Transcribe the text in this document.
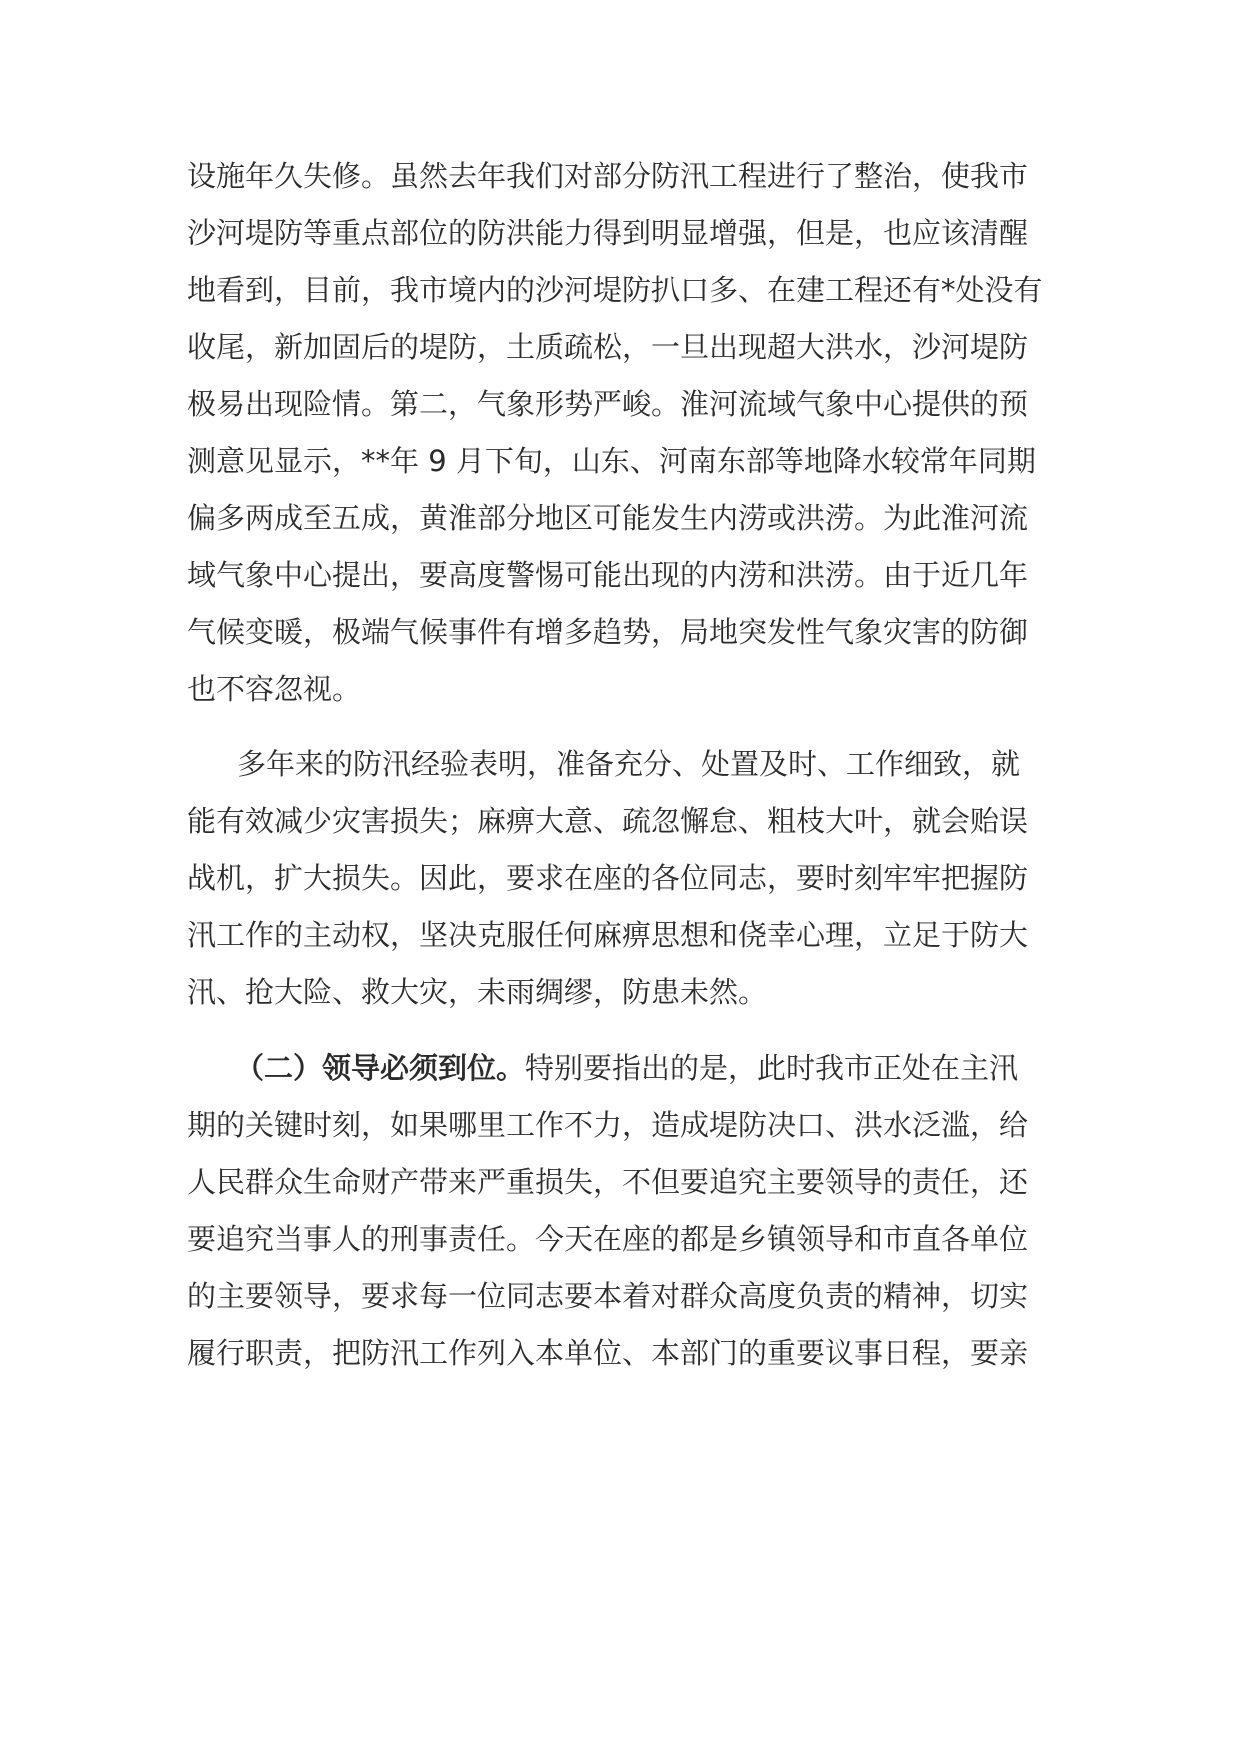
设施年久失修。虽然去年我们对部分防汛工程进行了整治，使我市
沙河堤防等重点部位的防洪能力得到明显增强，但是，也应该清醒
地看到，目前，我市境内的沙河堤防扒口多、在建工程还有*处没有
收尾，新加固后的堤防，土质疏松，一旦出现超大洪水，沙河堤防
极易出现险情。第二，气象形势严峻。淮河流域气象中心提供的预
测意见显示，**年 9 月下旬，山东、河南东部等地降水较常年同期
偏多两成至五成，黄淮部分地区可能发生内涝或洪涝。为此淮河流
域气象中心提出，要高度警惕可能出现的内涝和洪涝。由于近几年
气候变暖，极端气候事件有增多趋势，局地突发性气象灾害的防御
也不容忽视。
多年来的防汛经验表明，准备充分、处置及时、工作细致，就
能有效减少灾害损失；麻痹大意、疏忽懈怠、粗枝大叶，就会贻误
战机，扩大损失。因此，要求在座的各位同志，要时刻牢牢把握防
汛工作的主动权，坚决克服任何麻痹思想和侥幸心理，立足于防大
汛、抢大险、救大灾，未雨绸缪，防患未然。
（二）领导必须到位。特别要指出的是，此时我市正处在主汛
期的关键时刻，如果哪里工作不力，造成堤防决口、洪水泛滥，给
人民群众生命财产带来严重损失，不但要追究主要领导的责任，还
要追究当事人的刑事责任。今天在座的都是乡镇领导和市直各单位
的主要领导，要求每一位同志要本着对群众高度负责的精神，切实
履行职责，把防汛工作列入本单位、本部门的重要议事日程，要亲
